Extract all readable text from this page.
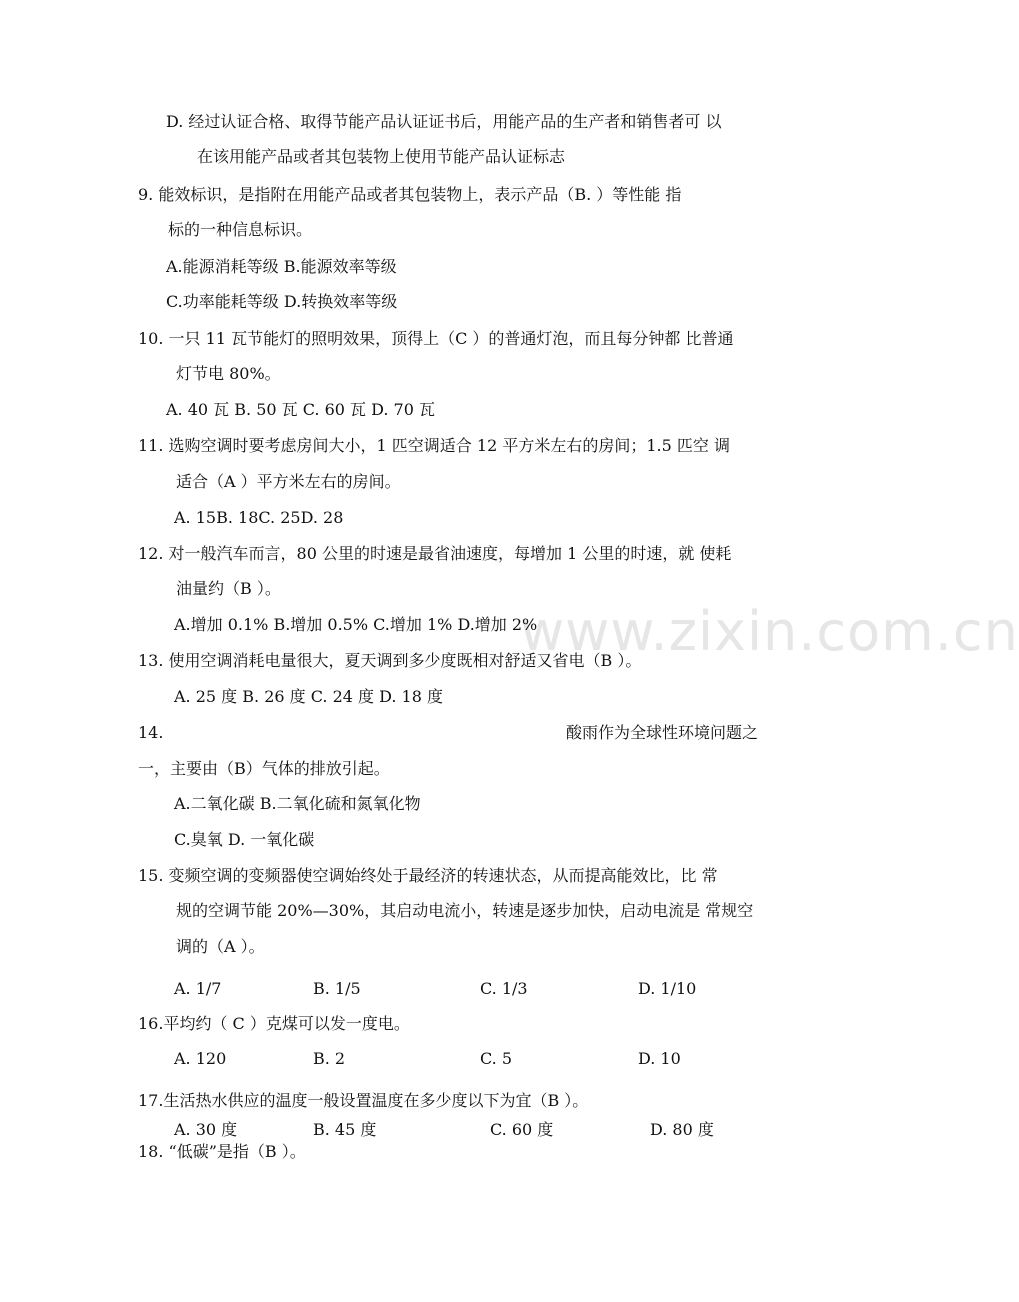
www.zixin.com.cn
D. 经过认证合格、取得节能产品认证证书后，用能产品的生产者和销售者可 以
在该用能产品或者其包装物上使用节能产品认证标志
9. 能效标识，是指附在用能产品或者其包装物上，表示产品（B. ）等性能 指
标的一种信息标识。
A.能源消耗等级 B.能源效率等级
C.功率能耗等级 D.转换效率等级
10. 一只 11 瓦节能灯的照明效果，顶得上（C ）的普通灯泡，而且每分钟都 比普通
灯节电 80%。
A. 40 瓦 B. 50 瓦 C. 60 瓦 D. 70 瓦
11. 选购空调时要考虑房间大小，1 匹空调适合 12 平方米左右的房间；1.5 匹空 调
适合（A ）平方米左右的房间。
A. 15B. 18C. 25D. 28
12. 对一般汽车而言，80 公里的时速是最省油速度，每增加 1 公里的时速，就 使耗
油量约（B ）。
A.增加 0.1% B.增加 0.5% C.增加 1% D.增加 2%
13. 使用空调消耗电量很大，夏天调到多少度既相对舒适又省电（B ）。
A. 25 度 B. 26 度 C. 24 度 D. 18 度
14.	酸雨作为全球性环境问题之
一，主要由（B）气体的排放引起。
A.二氧化碳 B.二氧化硫和氮氧化物
C.臭氧 D. 一氧化碳
15. 变频空调的变频器使空调始终处于最经济的转速状态，从而提高能效比，比 常
规的空调节能 20%—30%，其启动电流小，转速是逐步加快，启动电流是 常规空
调的（A ）。
A. 1/7	B. 1/5	C. 1/3	D. 1/10
16.平均约（ C ）克煤可以发一度电。
A. 120	B. 2	C. 5	D. 10
17.生活热水供应的温度一般设置温度在多少度以下为宜（B ）。
A. 30 度	B. 45 度	C. 60 度	D. 80 度
18. “低碳”是指（B ）。
